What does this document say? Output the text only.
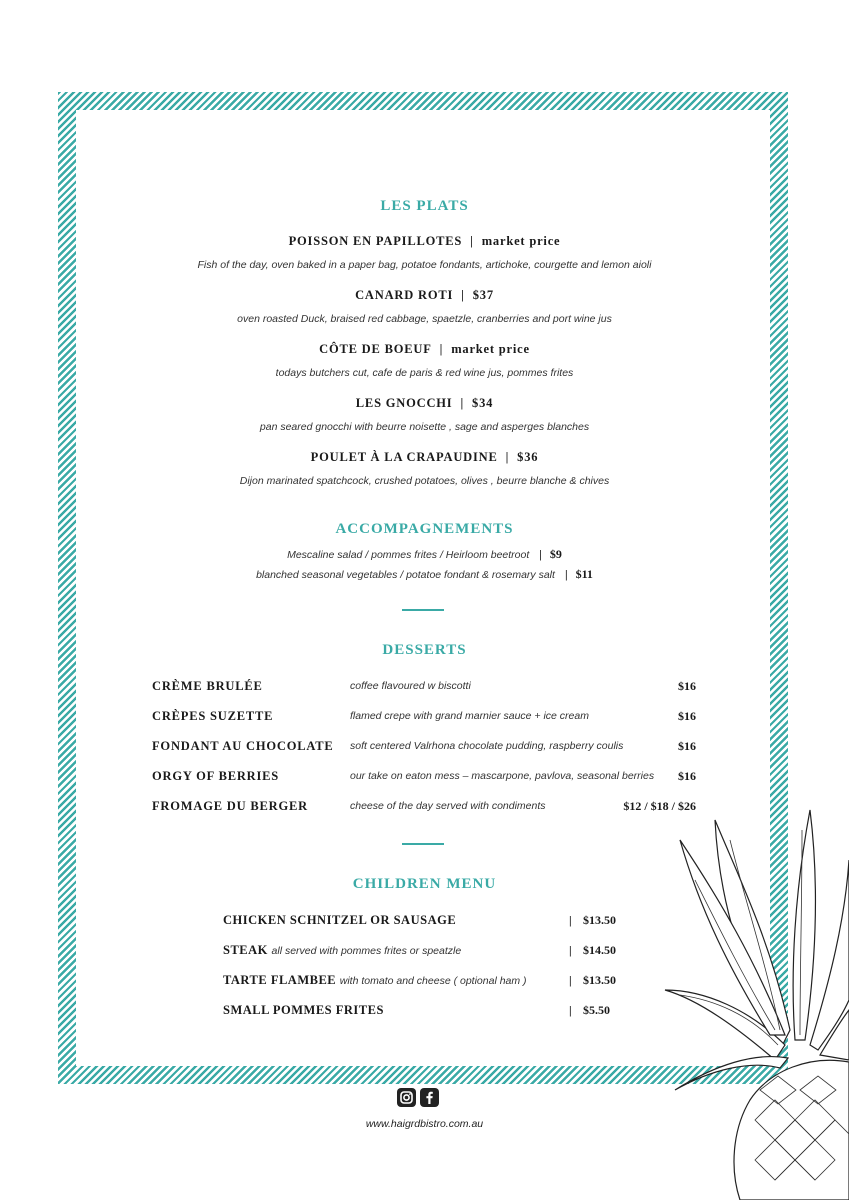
LES PLATS
POISSON EN PAPILLOTES | market price
Fish of the day, oven baked in a paper bag, potatoe fondants, artichoke, courgette and lemon aioli
CANARD ROTI | $37
oven roasted Duck, braised red cabbage, spaetzle, cranberries and port wine jus
CÔTE DE BOEUF | market price
todays butchers cut, cafe de paris & red wine jus, pommes frites
LES GNOCCHI | $34
pan seared gnocchi with beurre noisette , sage and asperges blanches
POULET À LA CRAPAUDINE | $36
Dijon marinated spatchcock, crushed potatoes, olives , beurre blanche & chives
ACCOMPAGNEMENTS
Mescaline salad / pommes frites / Heirloom beetroot | $9
blanched seasonal vegetables / potatoe fondant & rosemary salt | $11
DESSERTS
CRÈME BRULÉE	coffee flavoured w biscotti	$16
CRÈPES SUZETTE	flamed crepe with grand marnier sauce + ice cream	$16
FONDANT AU CHOCOLATE soft centered Valrhona chocolate pudding, raspberry coulis	$16
ORGY OF BERRIES	our take on eaton mess – mascarpone, pavlova, seasonal berries $16
FROMAGE DU BERGER	cheese of the day served with condiments	$12 / $18 / $26
CHILDREN MENU
CHICKEN SCHNITZEL OR SAUSAGE	| $13.50
STEAK all served with pommes frites or speatzle	| $14.50
TARTE FLAMBEE with tomato and cheese ( optional ham )	| $13.50
SMALL POMMES FRITES	| $5.50
www.haigrdbistro.com.au
